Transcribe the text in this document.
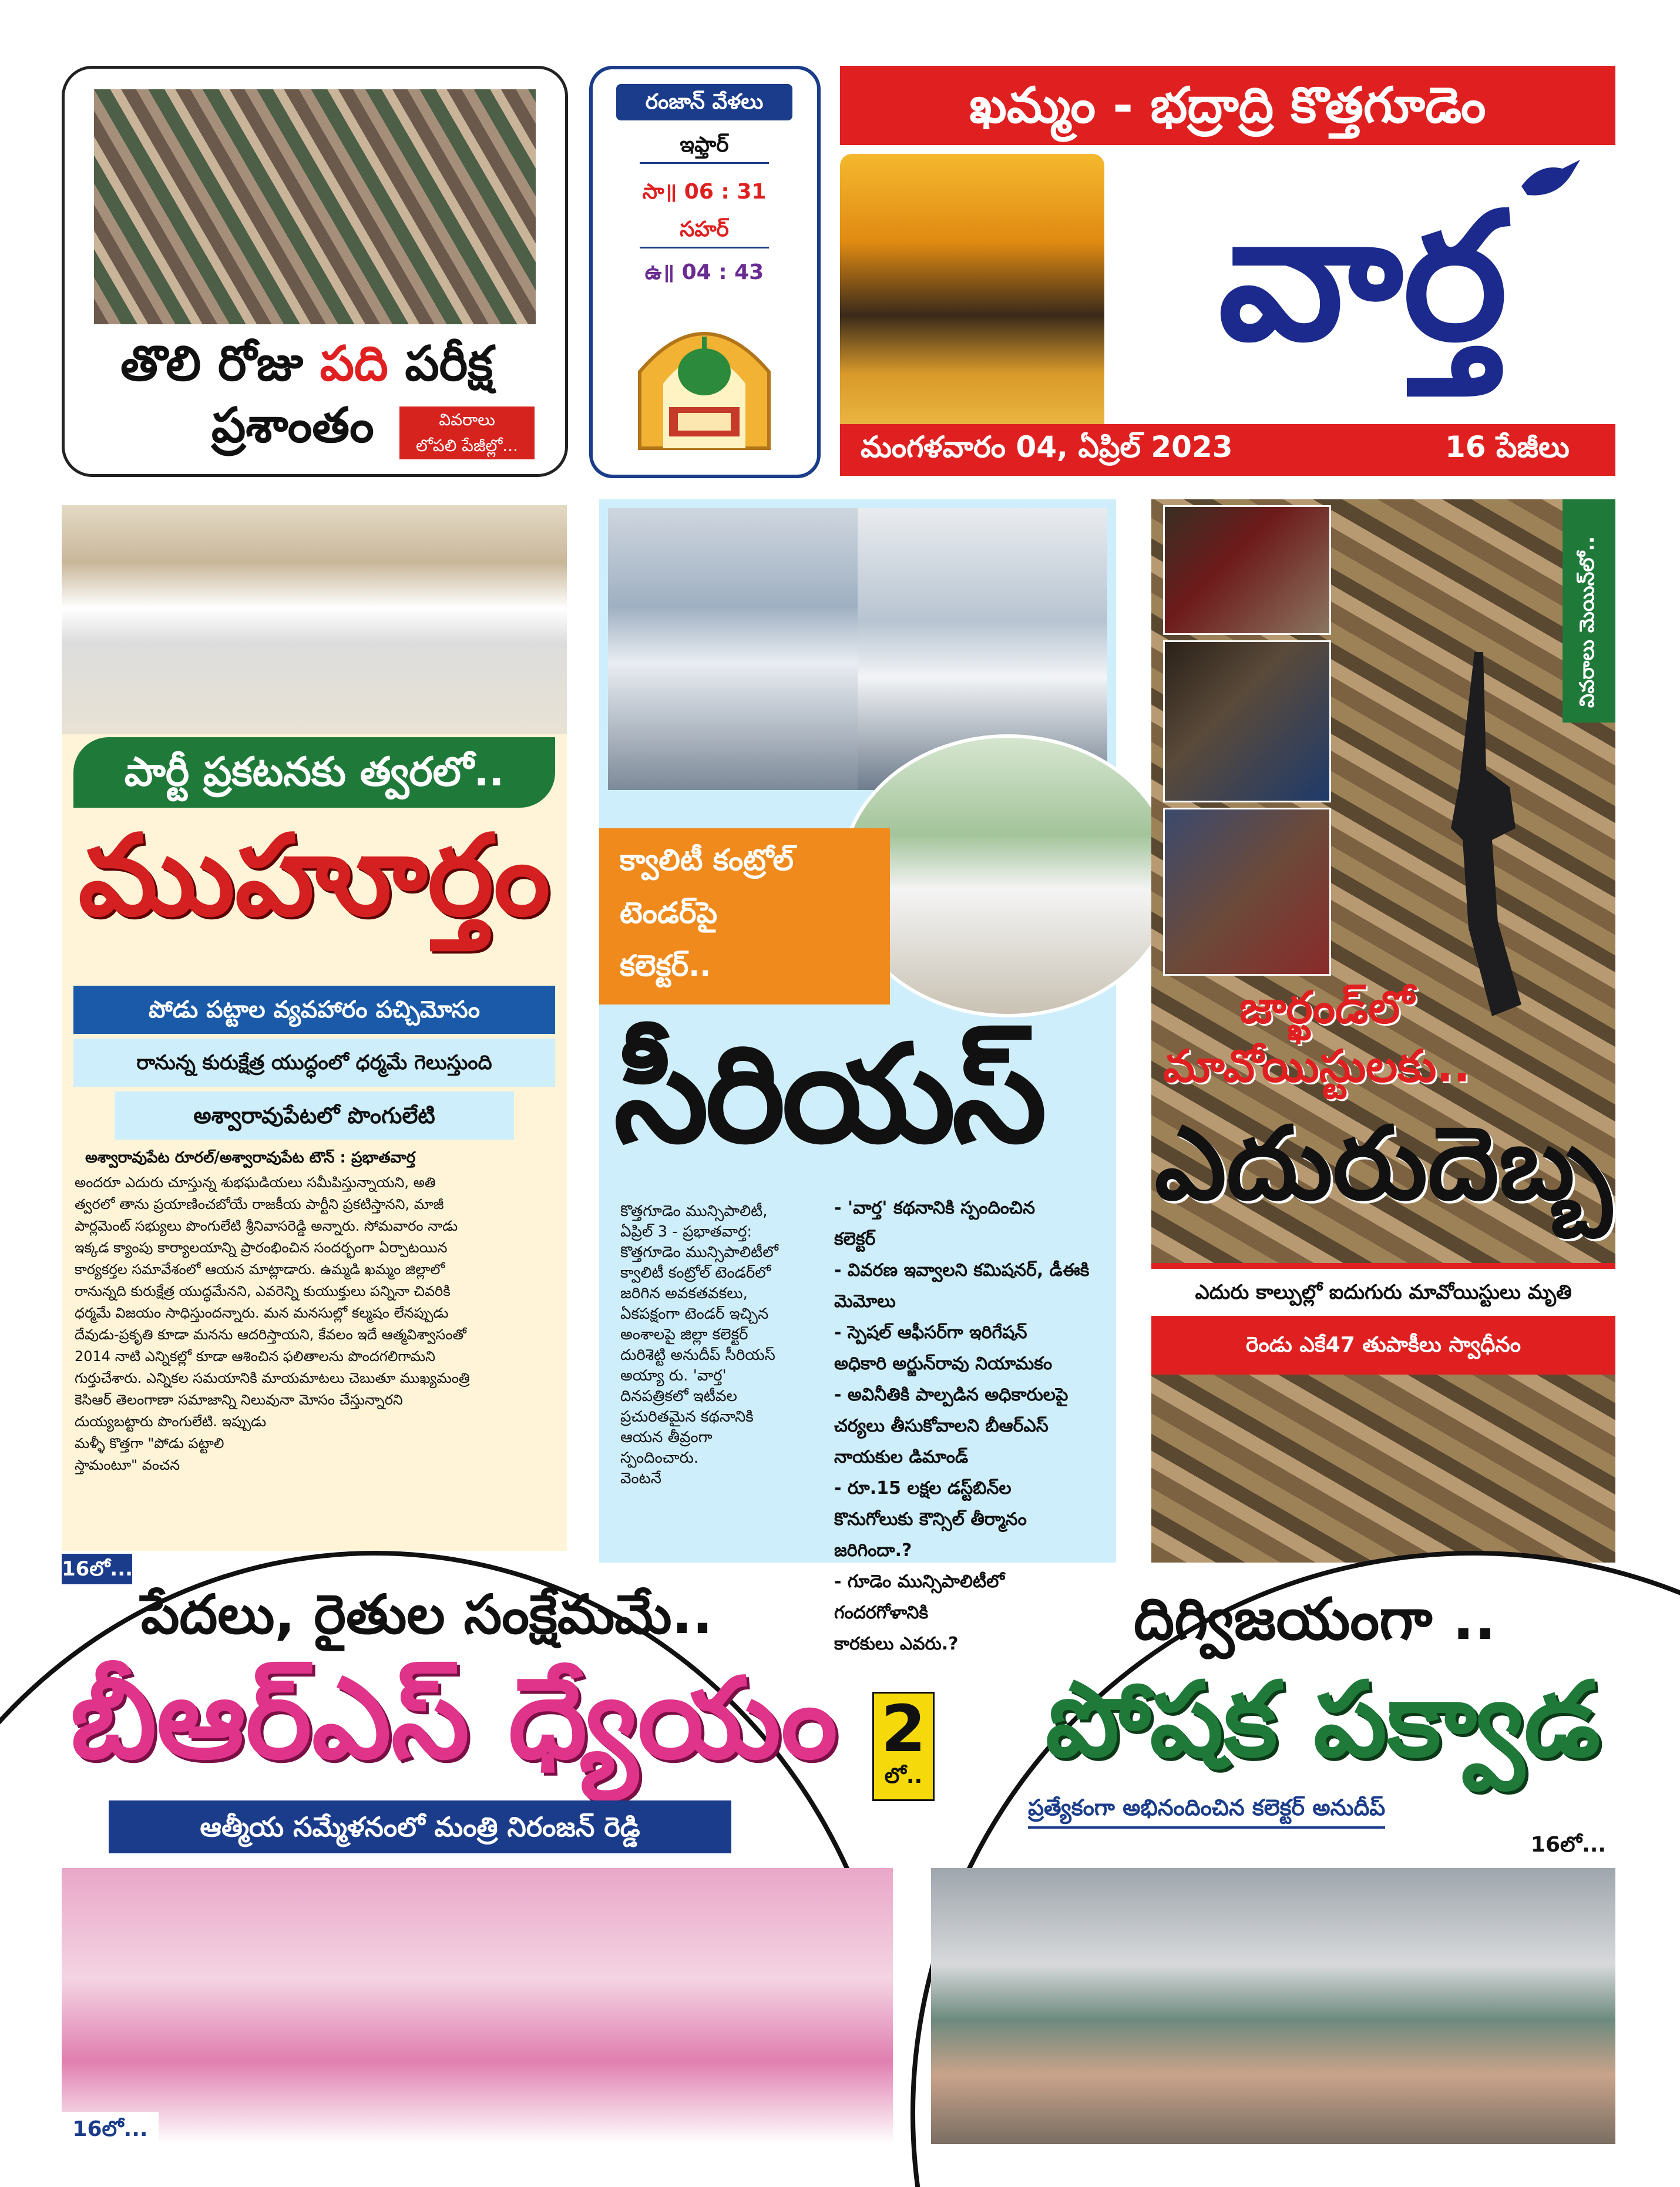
తొలి రోజు పది పరీక్ష
ప్రశాంతం	వివరాలు
లోపలి పేజీల్లో...
రంజాన్ వేళలు
ఇఫ్తార్
సా॥ 06 : 31
సహర్
ఉ॥ 04 : 43
ఖమ్మం - భద్రాద్రి కొత్తగూడెం
వార్త
మంగళవారం 04, ఏప్రిల్ 2023	16 పేజీలు
పార్టీ ప్రకటనకు త్వరలో..
ముహూర్తం
పోడు పట్టాల వ్యవహారం పచ్చిమోసం
రానున్న కురుక్షేత్ర యుద్ధంలో ధర్మమే గెలుస్తుంది
అశ్వారావుపేటలో పొంగులేటి
అశ్వారావుపేట రూరల్/అశ్వారావుపేట టౌన్ : ప్రభాతవార్త
అందరూ ఎదురు చూస్తున్న శుభఘడియలు సమీపిస్తున్నాయని, అతి
త్వరలో తాను ప్రయాణించబోయే రాజకీయ పార్టీని ప్రకటిస్తానని, మాజీ
పార్లమెంట్ సభ్యులు పొంగులేటి శ్రీనివాసరెడ్డి అన్నారు. సోమవారం నాడు
ఇక్కడ క్యాంపు కార్యాలయాన్ని ప్రారంభించిన సందర్భంగా ఏర్పాటయిన
కార్యకర్తల సమావేశంలో ఆయన మాట్లాడారు. ఉమ్మడి ఖమ్మం జిల్లాలో
రానున్నది కురుక్షేత్ర యుద్ధమేనని, ఎవరెన్ని కుయుక్తులు పన్నినా చివరికి
ధర్మమే విజయం సాధిస్తుందన్నారు. మన మనసుల్లో కల్మషం లేనప్పుడు
దేవుడు-ప్రకృతి కూడా మనను ఆదరిస్తాయని, కేవలం ఇదే ఆత్మవిశ్వాసంతో
2014 నాటి ఎన్నికల్లో కూడా ఆశించిన ఫలితాలను పొందగలిగామని
గుర్తుచేశారు. ఎన్నికల సమయానికి మాయమాటలు చెబుతూ ముఖ్యమంత్రి
కెసిఆర్ తెలంగాణా సమాజాన్ని నిలువునా మోసం చేస్తున్నారని
దుయ్యబట్టారు పొంగులేటి. ఇప్పుడు
మళ్ళీ కొత్తగా "పోడు పట్టాలి
స్తామంటూ" వంచన
క్వాలిటీ కంట్రోల్
టెండర్‌పై
కలెక్టర్..
సీరియస్
కొత్తగూడెం మున్సిపాలిటీ,
ఏప్రిల్ 3 - ప్రభాతవార్త:
కొత్తగూడెం మున్సిపాలిటీలో
క్వాలిటీ కంట్రోల్ టెండర్‌లో
జరిగిన అవకతవకలు,
ఏకపక్షంగా టెండర్ ఇచ్చిన
అంశాలపై జిల్లా కలెక్టర్
దురిశెట్టి అనుదీప్ సీరియస్
అయ్యా రు. 'వార్త'
దినపత్రికలో ఇటీవల
ప్రచురితమైన కథనానికి
ఆయన తీవ్రంగా
స్పందించారు.
వెంటనే
- 'వార్త' కథనానికి స్పందించిన
కలెక్టర్
- వివరణ ఇవ్వాలని కమిషనర్, డీఈకి
మెమోలు
- స్పెషల్ ఆఫీసర్‌గా ఇరిగేషన్
అధికారి అర్జున్‌రావు నియామకం
- అవినీతికి పాల్పడిన అధికారులపై
చర్యలు తీసుకోవాలని బీఆర్ఎస్
నాయకుల డిమాండ్
- రూ.15 లక్షల డస్ట్‌బిన్‌ల
కొనుగోలుకు కౌన్సిల్ తీర్మానం
జరిగిందా.?
- గూడెం మున్సిపాలిటీలో
గందరగోళానికి
కారకులు ఎవరు.?
వివరాలు మెయిన్‌లో..
జార్ఖండ్‌లో
మావోయిస్టులకు..
ఎదురుదెబ్బ
ఎదురు కాల్పుల్లో ఐదుగురు మావోయిస్టులు మృతి
రెండు ఎకే47 తుపాకీలు స్వాధీనం
16లో...
పేదలు, రైతుల సంక్షేమమే..
బీఆర్ఎస్ ధ్యేయం
ఆత్మీయ సమ్మేళనంలో మంత్రి నిరంజన్ రెడ్డి
16లో...
2
లో..
దిగ్విజయంగా ..
పోషక పక్వాడ
ప్రత్యేకంగా అభినందించిన కలెక్టర్ అనుదీప్
16లో...
